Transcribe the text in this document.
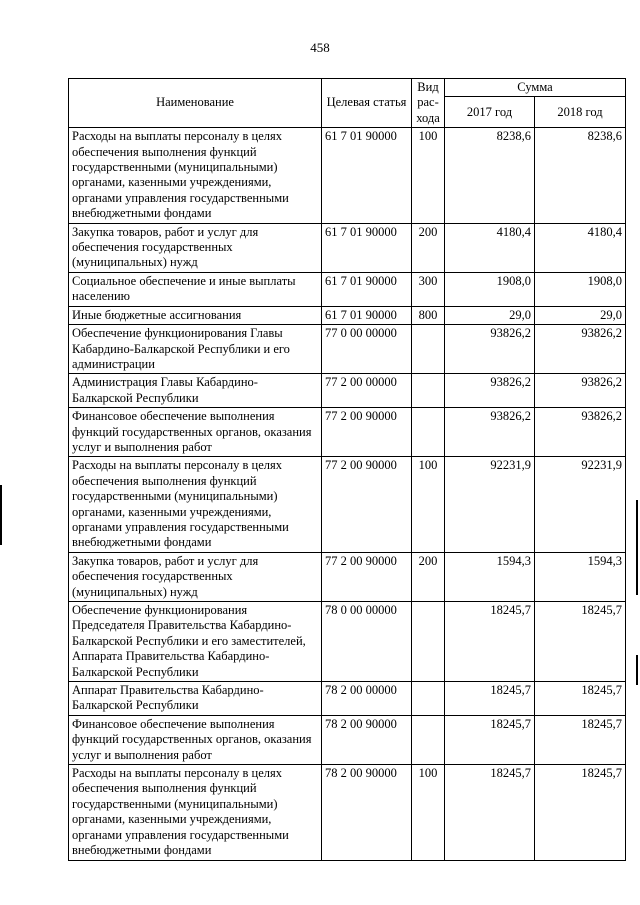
458
Наименование	Целевая статья	Вид рас-хода	Сумма	
			2017 год	2018 год
Расходы на выплаты персоналу в целях обеспечения выполнения функций государственными (муниципальными) органами, казенными учреждениями, органами управления государственными внебюджетными фондами	61 7 01 90000	100	8238,6	8238,6
Закупка товаров, работ и услуг для обеспечения государственных (муниципальных) нужд	61 7 01 90000	200	4180,4	4180,4
Социальное обеспечение и иные выплаты населению	61 7 01 90000	300	1908,0	1908,0
Иные бюджетные ассигнования	61 7 01 90000	800	29,0	29,0
Обеспечение функционирования Главы Кабардино-Балкарской Республики и его администрации	77 0 00 00000		93826,2	93826,2
Администрация Главы Кабардино-Балкарской Республики	77 2 00 00000		93826,2	93826,2
Финансовое обеспечение выполнения функций государственных органов, оказания услуг и выполнения работ	77 2 00 90000		93826,2	93826,2
Расходы на выплаты персоналу в целях обеспечения выполнения функций государственными (муниципальными) органами, казенными учреждениями, органами управления государственными внебюджетными фондами	77 2 00 90000	100	92231,9	92231,9
Закупка товаров, работ и услуг для обеспечения государственных (муниципальных) нужд	77 2 00 90000	200	1594,3	1594,3
Обеспечение функционирования Председателя Правительства Кабардино-Балкарской Республики и его заместителей, Аппарата Правительства Кабардино-Балкарской Республики	78 0 00 00000		18245,7	18245,7
Аппарат Правительства Кабардино-Балкарской Республики	78 2 00 00000		18245,7	18245,7
Финансовое обеспечение выполнения функций государственных органов, оказания услуг и выполнения работ	78 2 00 90000		18245,7	18245,7
Расходы на выплаты персоналу в целях обеспечения выполнения функций государственными (муниципальными) органами, казенными учреждениями, органами управления государственными внебюджетными фондами	78 2 00 90000	100	18245,7	18245,7
